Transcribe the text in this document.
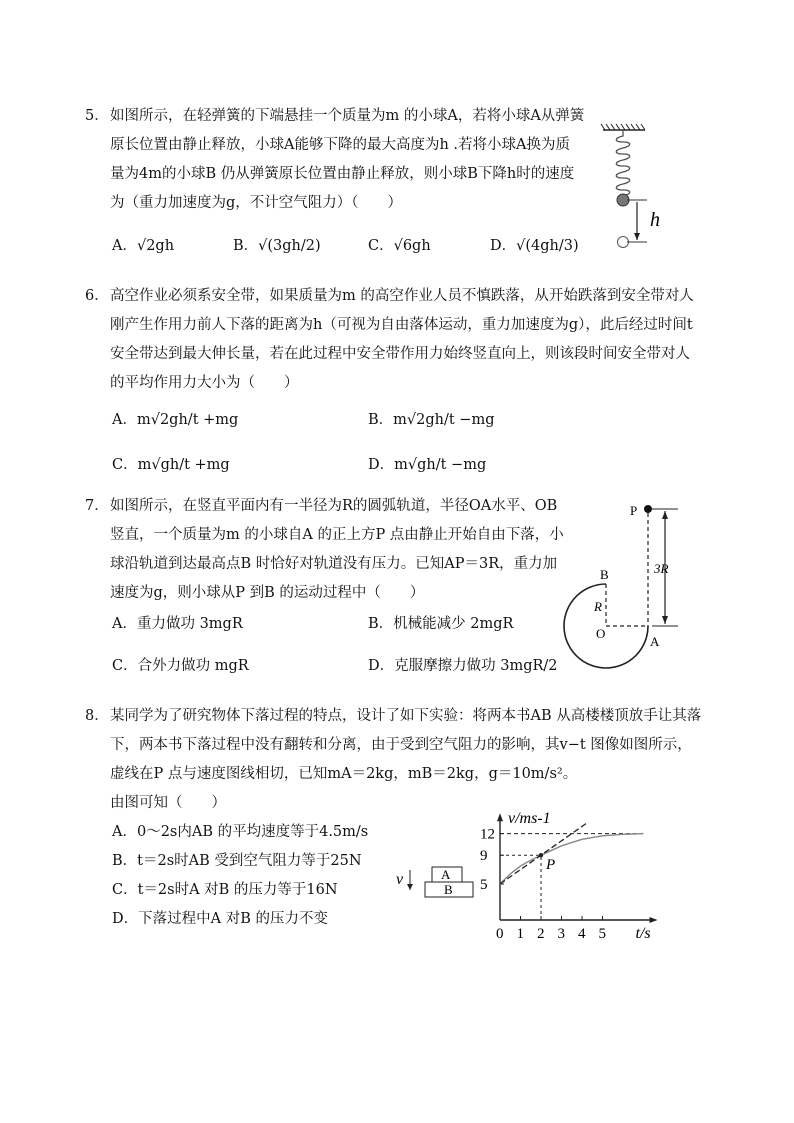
5． 如图所示，在轻弹簧的下端悬挂一个质量为m 的小球A，若将小球A从弹簧
原长位置由静止释放，小球A能够下降的最大高度为h .若将小球A换为质
量为4m的小球B 仍从弹簧原长位置由静止释放，则小球B下降h时的速度
为（重力加速度为g，不计空气阻力）（　　）
A．√2gh	B．√(3gh/2)	C．√6gh	D．√(4gh/3)
h
6． 高空作业必须系安全带，如果质量为m 的高空作业人员不慎跌落，从开始跌落到安全带对人
刚产生作用力前人下落的距离为h（可视为自由落体运动，重力加速度为g），此后经过时间t
安全带达到最大伸长量，若在此过程中安全带作用力始终竖直向上，则该段时间安全带对人
的平均作用力大小为（　　）
A．m√2gh/t +mg	B．m√2gh/t −mg
C．m√gh/t +mg	D．m√gh/t −mg
7． 如图所示，在竖直平面内有一半径为R的圆弧轨道，半径OA水平、OB
竖直，一个质量为m 的小球自A 的正上方P 点由静止开始自由下落，小
球沿轨道到达最高点B 时恰好对轨道没有压力。已知AP＝3R，重力加
速度为g，则小球从P 到B 的运动过程中（　　）
A．重力做功 3mgR	B．机械能减少 2mgR
C．合外力做功 mgR	D．克服摩擦力做功 3mgR/2
P
3R
B
R
O
A
8． 某同学为了研究物体下落过程的特点，设计了如下实验：将两本书AB 从高楼楼顶放手让其落
下，两本书下落过程中没有翻转和分离，由于受到空气阻力的影响，其v−t 图像如图所示，
虚线在P 点与速度图线相切，已知mA＝2kg，mB＝2kg，g＝10m/s²。
由图可知（　　）
A．0～2s内AB 的平均速度等于4.5m/s
B．t＝2s时AB 受到空气阻力等于25N
C．t＝2s时A 对B 的压力等于16N
D．下落过程中A 对B 的压力不变
v	A
B
v/ms-1
t/s
0 1 2 3 4 5
5
9
12
P
